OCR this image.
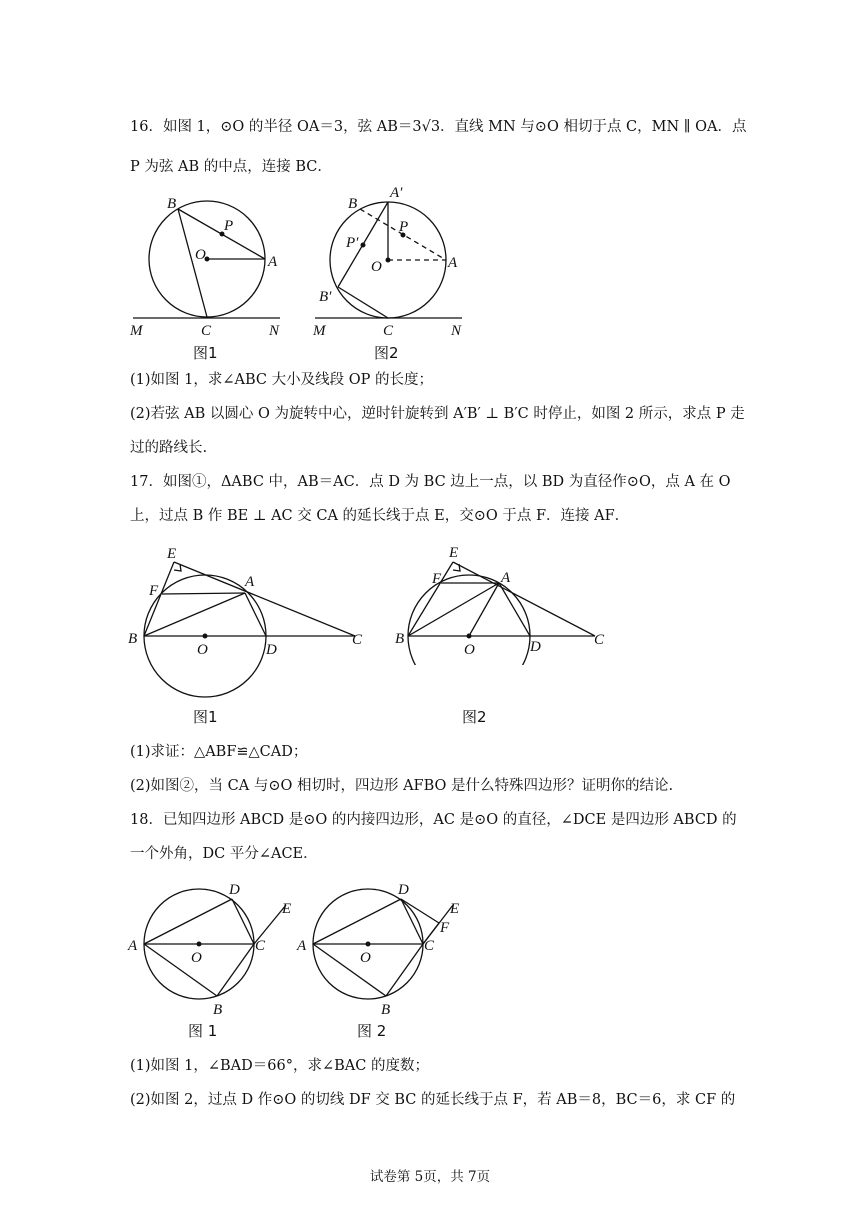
16．如图 1，⊙O 的半径 OA＝3，弦 AB＝3√3．直线 MN 与⊙O 相切于点 C，MN ∥ OA．点
P 为弦 AB 的中点，连接 BC．
B
P
O	A
M	C	N
图1
A′
B
P′
P
O	A
B′
M	C	N
图2
(1)如图 1，求∠ABC 大小及线段 OP 的长度；
(2)若弦 AB 以圆心 O 为旋转中心，逆时针旋转到 A′B′ ⊥ B′C 时停止，如图 2 所示，求点 P 走
过的路线长.
17．如图①，ΔABC 中，AB＝AC．点 D 为 BC 边上一点，以 BD 为直径作⊙O，点 A 在 O
上，过点 B 作 BE ⊥ AC 交 CA 的延长线于点 E，交⊙O 于点 F．连接 AF．
E
F
A
B
O	D
C
图1
E
F	A
B
O	D	C
图2
(1)求证：△ABF≌△CAD；
(2)如图②，当 CA 与⊙O 相切时，四边形 AFBO 是什么特殊四边形？证明你的结论.
18．已知四边形 ABCD 是⊙O 的内接四边形，AC 是⊙O 的直径，∠DCE 是四边形 ABCD 的
一个外角，DC 平分∠ACE．
D
E
A
O
C
B
图 1
D
E
F
A
O
C
B
图 2
(1)如图 1，∠BAD＝66°，求∠BAC 的度数；
(2)如图 2，过点 D 作⊙O 的切线 DF 交 BC 的延长线于点 F，若 AB＝8，BC＝6，求 CF 的
试卷第 5页，共 7页
